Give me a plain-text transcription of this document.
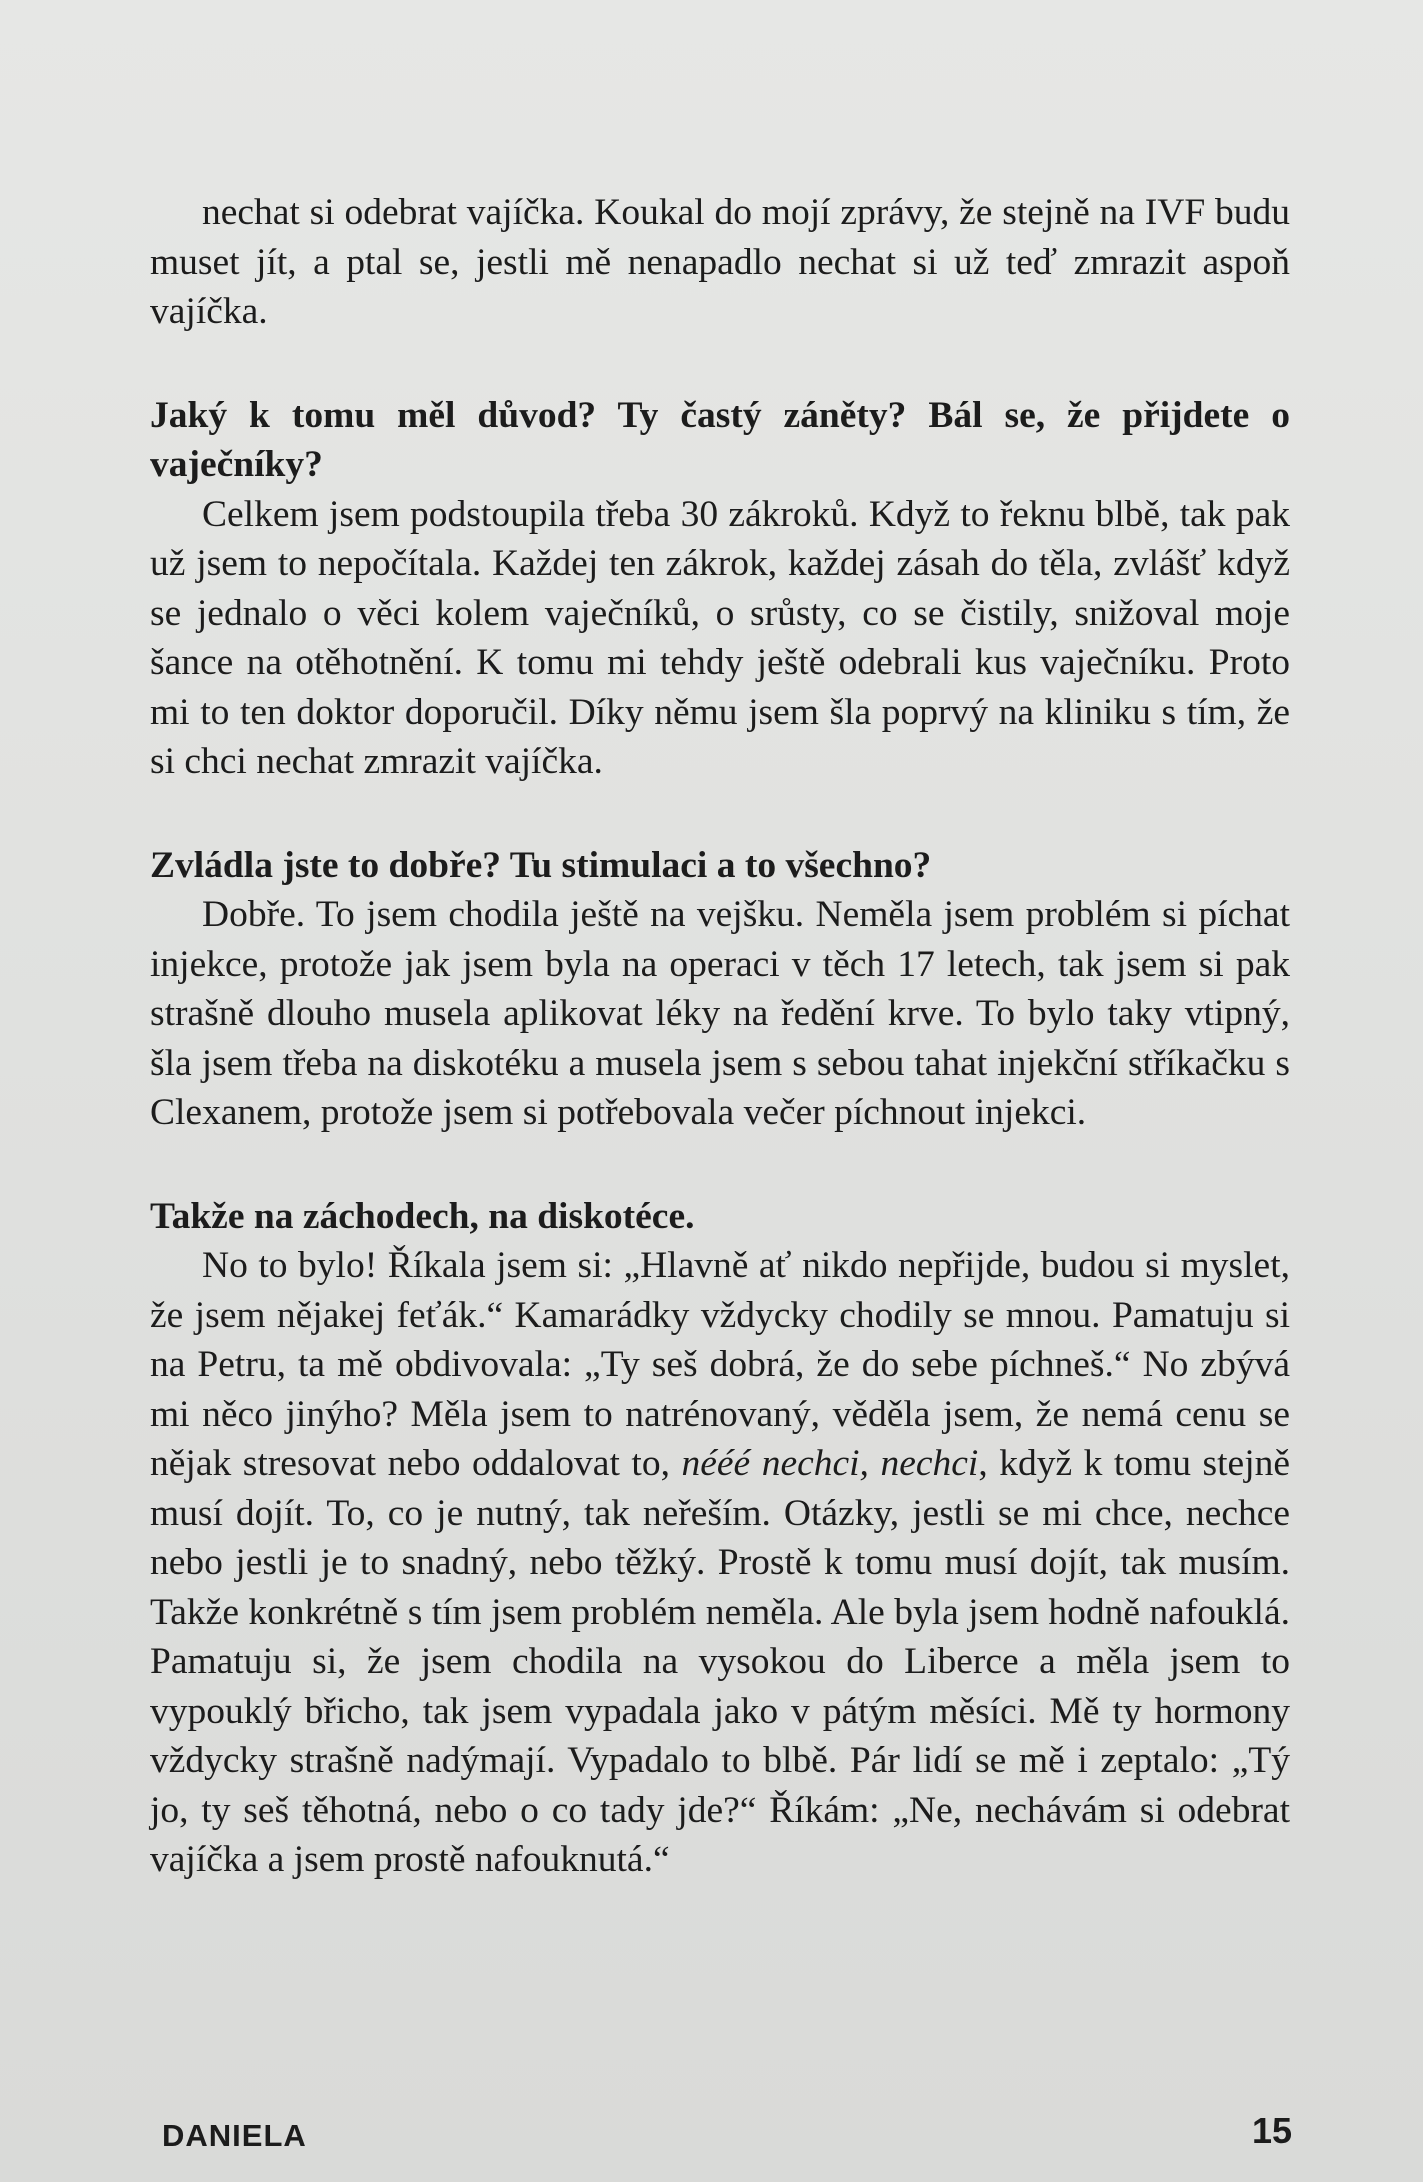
nechat si odebrat vajíčka. Koukal do mojí zprávy, že stejně na IVF budu muset jít, a ptal se, jestli mě nenapadlo nechat si už teď zmrazit aspoň vajíčka.

Jaký k tomu měl důvod? Ty častý záněty? Bál se, že přijdete o vaječníky?

Celkem jsem podstoupila třeba 30 zákroků. Když to řeknu blbě, tak pak už jsem to nepočítala. Každej ten zákrok, každej zásah do těla, zvlášť když se jednalo o věci kolem vaječníků, o srůsty, co se čistily, snižoval moje šance na otěhotnění. K tomu mi tehdy ještě odebrali kus vaječníku. Proto mi to ten doktor doporučil. Díky němu jsem šla poprvý na kliniku s tím, že si chci nechat zmrazit vajíčka.

Zvládla jste to dobře? Tu stimulaci a to všechno?

Dobře. To jsem chodila ještě na vejšku. Neměla jsem problém si píchat injekce, protože jak jsem byla na operaci v těch 17 letech, tak jsem si pak strašně dlouho musela aplikovat léky na ředění krve. To bylo taky vtipný, šla jsem třeba na diskotéku a musela jsem s sebou tahat injekční stříkačku s Clexanem, protože jsem si potřebovala večer píchnout injekci.

Takže na záchodech, na diskotéce.

No to bylo! Říkala jsem si: „Hlavně ať nikdo nepřijde, budou si myslet, že jsem nějakej feťák.“ Kamarádky vždycky chodily se mnou. Pamatuju si na Petru, ta mě obdivovala: „Ty seš dobrá, že do sebe píchneš.“ No zbývá mi něco jinýho? Měla jsem to natrénovaný, věděla jsem, že nemá cenu se nějak stresovat nebo oddalovat to, nééé nechci, nechci, když k tomu stejně musí dojít. To, co je nutný, tak neřeším. Otázky, jestli se mi chce, nechce nebo jestli je to snadný, nebo těžký. Prostě k tomu musí dojít, tak musím. Takže konkrétně s tím jsem problém neměla. Ale byla jsem hodně nafouklá. Pamatuju si, že jsem chodila na vysokou do Liberce a měla jsem to vypouklý břicho, tak jsem vypadala jako v pátým měsíci. Mě ty hormony vždycky strašně nadýmají. Vypadalo to blbě. Pár lidí se mě i zeptalo: „Tý jo, ty seš těhotná, nebo o co tady jde?“ Říkám: „Ne, nechávám si odebrat vajíčka a jsem prostě nafouknutá.“

DANIELA	15
